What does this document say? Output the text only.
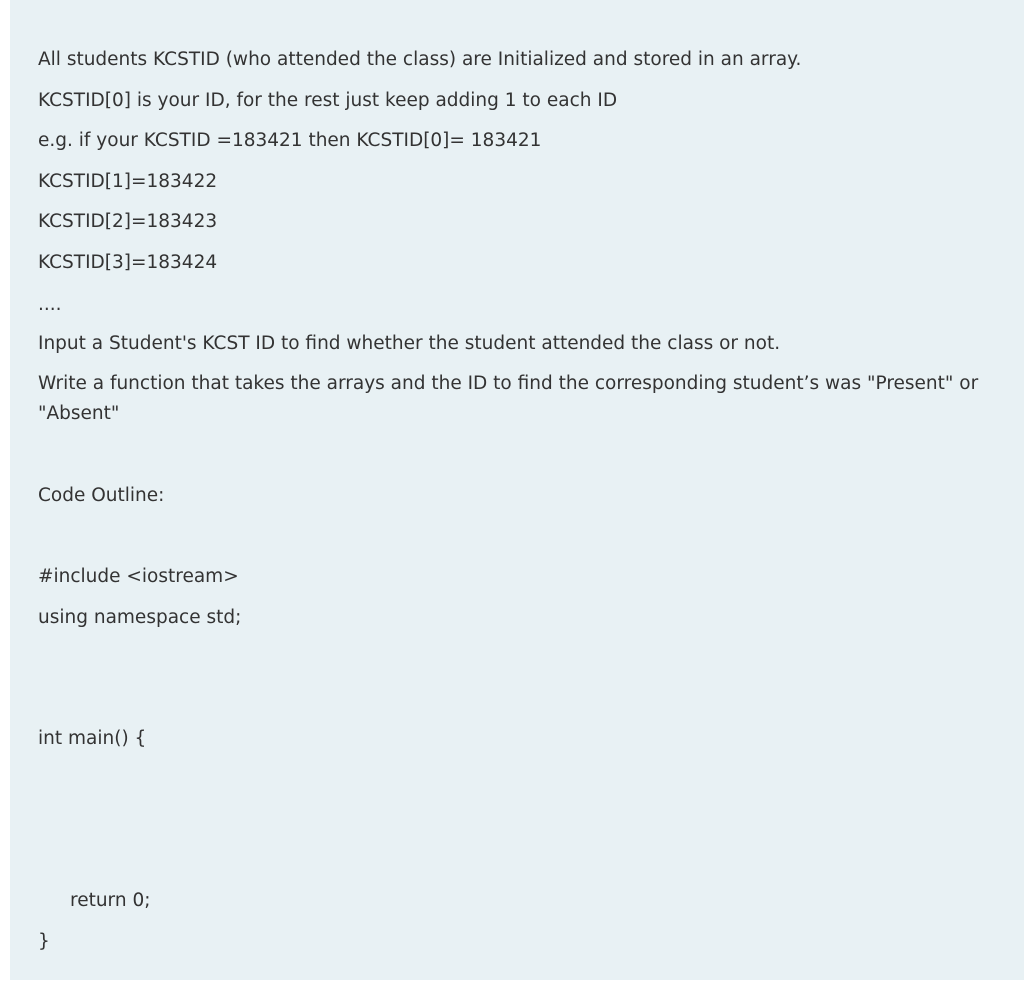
All students KCSTID (who attended the class) are Initialized and stored in an array.
KCSTID[0] is your ID, for the rest just keep adding 1 to each ID
e.g. if your KCSTID =183421 then KCSTID[0]= 183421
KCSTID[1]=183422
KCSTID[2]=183423
KCSTID[3]=183424
....
Input a Student's KCST ID to find whether the student attended the class or not.
Write a function that takes the arrays and the ID to find the corresponding student’s was "Present" or "Absent"
Code Outline:
#include <iostream>
using namespace std;
int main() {
return 0;
}
